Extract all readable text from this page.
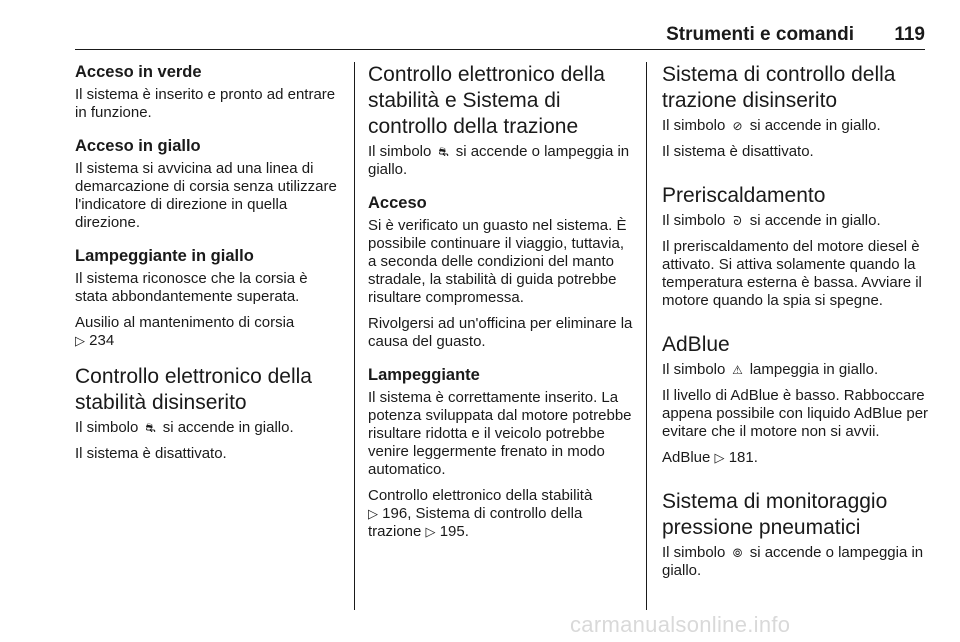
Strumenti e comandi 119
Acceso in verde

Il sistema è inserito e pronto ad entrare in funzione.

Acceso in giallo

Il sistema si avvicina ad una linea di demarcazione di corsia senza utilizzare l'indicatore di direzione in quella direzione.

Lampeggiante in giallo

Il sistema riconosce che la corsia è stata abbondantemente superata.

Ausilio al mantenimento di corsia
▷ 234

Controllo elettronico della stabilità disinserito

Il simbolo ⛐ si accende in giallo.

Il sistema è disattivato.

Controllo elettronico della stabilità e Sistema di controllo della trazione

Il simbolo ⛐ si accende o lampeggia in giallo.

Acceso

Si è verificato un guasto nel sistema. È possibile continuare il viaggio, tuttavia, a seconda delle condizioni del manto stradale, la stabilità di guida potrebbe risultare compromessa.

Rivolgersi ad un'officina per eliminare la causa del guasto.

Lampeggiante

Il sistema è correttamente inserito. La potenza sviluppata dal motore potrebbe risultare ridotta e il veicolo potrebbe venire leggermente frenato in modo automatico.

Controllo elettronico della stabilità
▷ 196, Sistema di controllo della
trazione ▷ 195.

Sistema di controllo della trazione disinserito

Il simbolo ⊘ si accende in giallo.

Il sistema è disattivato.

Preriscaldamento

Il simbolo ᘐ si accende in giallo.

Il preriscaldamento del motore diesel è attivato. Si attiva solamente quando la temperatura esterna è bassa. Avviare il motore quando la spia si spegne.

AdBlue

Il simbolo ⚠ lampeggia in giallo.

Il livello di AdBlue è basso. Rabboccare appena possibile con liquido AdBlue per evitare che il motore non si avvii.

AdBlue ▷ 181.

Sistema di monitoraggio pressione pneumatici

Il simbolo ⦾ si accende o lampeggia in giallo.

carmanualsonline.info
